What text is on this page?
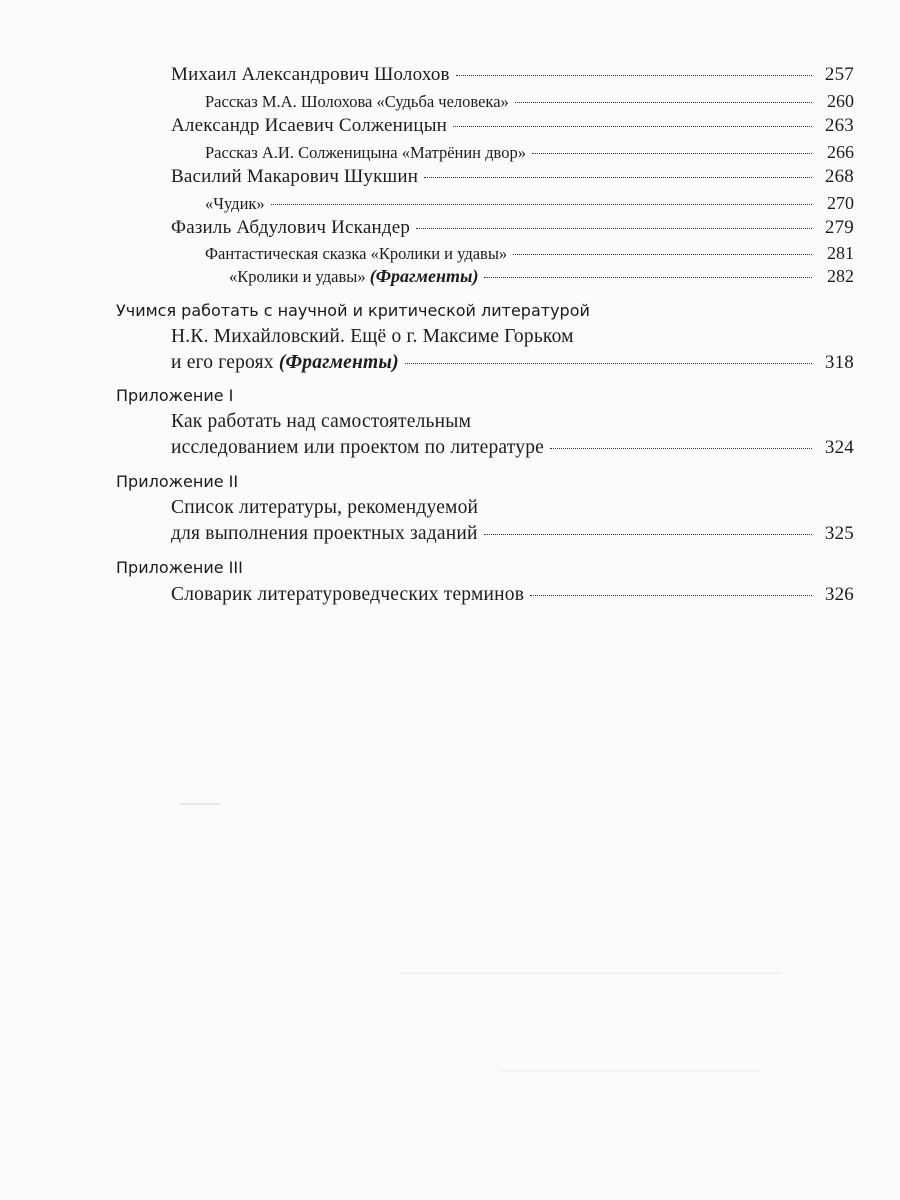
Михаил Александрович Шолохов	257
Рассказ М.А. Шолохова «Судьба человека»	260
Александр Исаевич Солженицын	263
Рассказ А.И. Солженицына «Матрёнин двор»	266
Василий Макарович Шукшин	268
«Чудик»	270
Фазиль Абдулович Искандер	279
Фантастическая сказка «Кролики и удавы»	281
«Кролики и удавы» (Фрагменты)	282
Учимся работать с научной и критической литературой
Н.К. Михайловский. Ещё о г. Максиме Горьком
и его героях (Фрагменты)	318
Приложение I
Как работать над самостоятельным
исследованием или проектом по литературе	324
Приложение II
Список литературы, рекомендуемой
для выполнения проектных заданий	325
Приложение III
Словарик литературоведческих терминов	326
